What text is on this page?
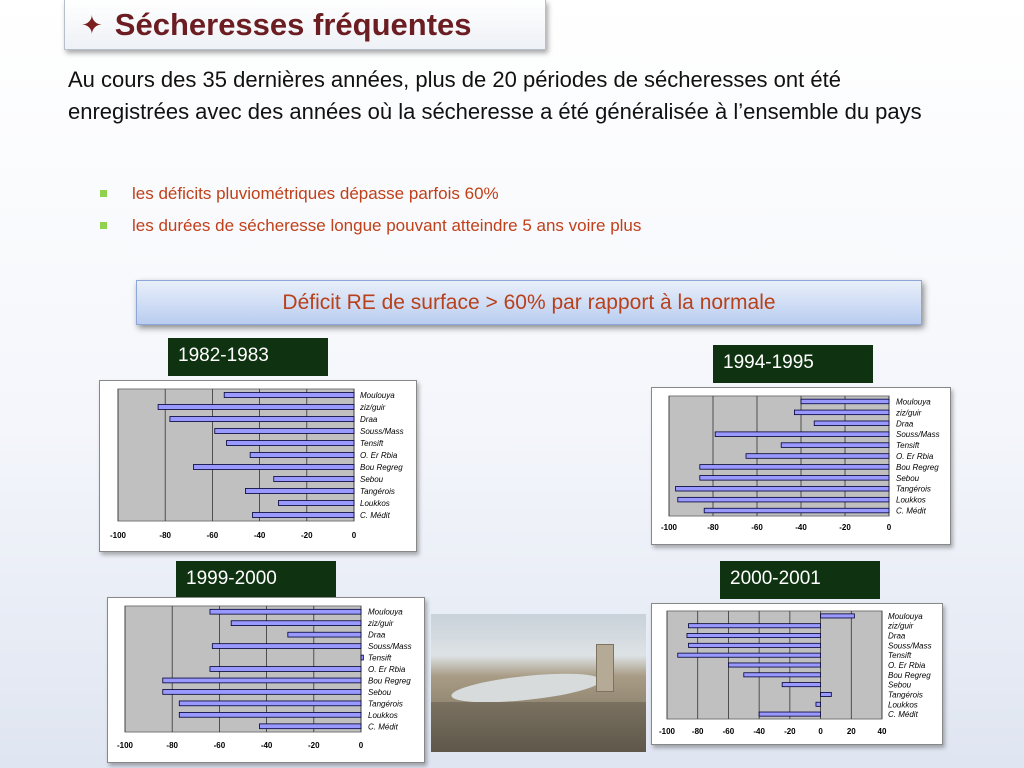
✦ Sécheresses fréquentes

Au cours des 35 dernières années, plus de 20 périodes de sécheresses ont été enregistrées avec des années où la sécheresse a été généralisée à l’ensemble du pays

les déficits pluviométriques dépasse parfois 60%
les durées de sécheresse longue pouvant atteindre 5 ans voire plus
Déficit RE de surface > 60% par rapport à la normale
1982-1983	1994-1995
1999-2000	2000-2001
-100	-80	-60	-40	-20	0
Moulouya
ziz/guir
Draa
Souss/Mass
Tensift
O. Er Rbia
Bou Regreg
Sebou
Tangérois
Loukkos
C. Médit
-100	-80	-60	-40	-20	0
Moulouya
ziz/guir
Draa
Souss/Mass
Tensift
O. Er Rbia
Bou Regreg
Sebou
Tangérois
Loukkos
C. Médit
-100	-80	-60	-40	-20	0
Moulouya
ziz/guir
Draa
Souss/Mass
Tensift
O. Er Rbia
Bou Regreg
Sebou
Tangérois
Loukkos
C. Médit
-100 -80 -60 -40 -20	0	20	40
Moulouya
ziz/guir
Draa
Souss/Mass
Tensift
O. Er Rbia
Bou Regreg
Sebou
Tangérois
Loukkos
C. Médit
